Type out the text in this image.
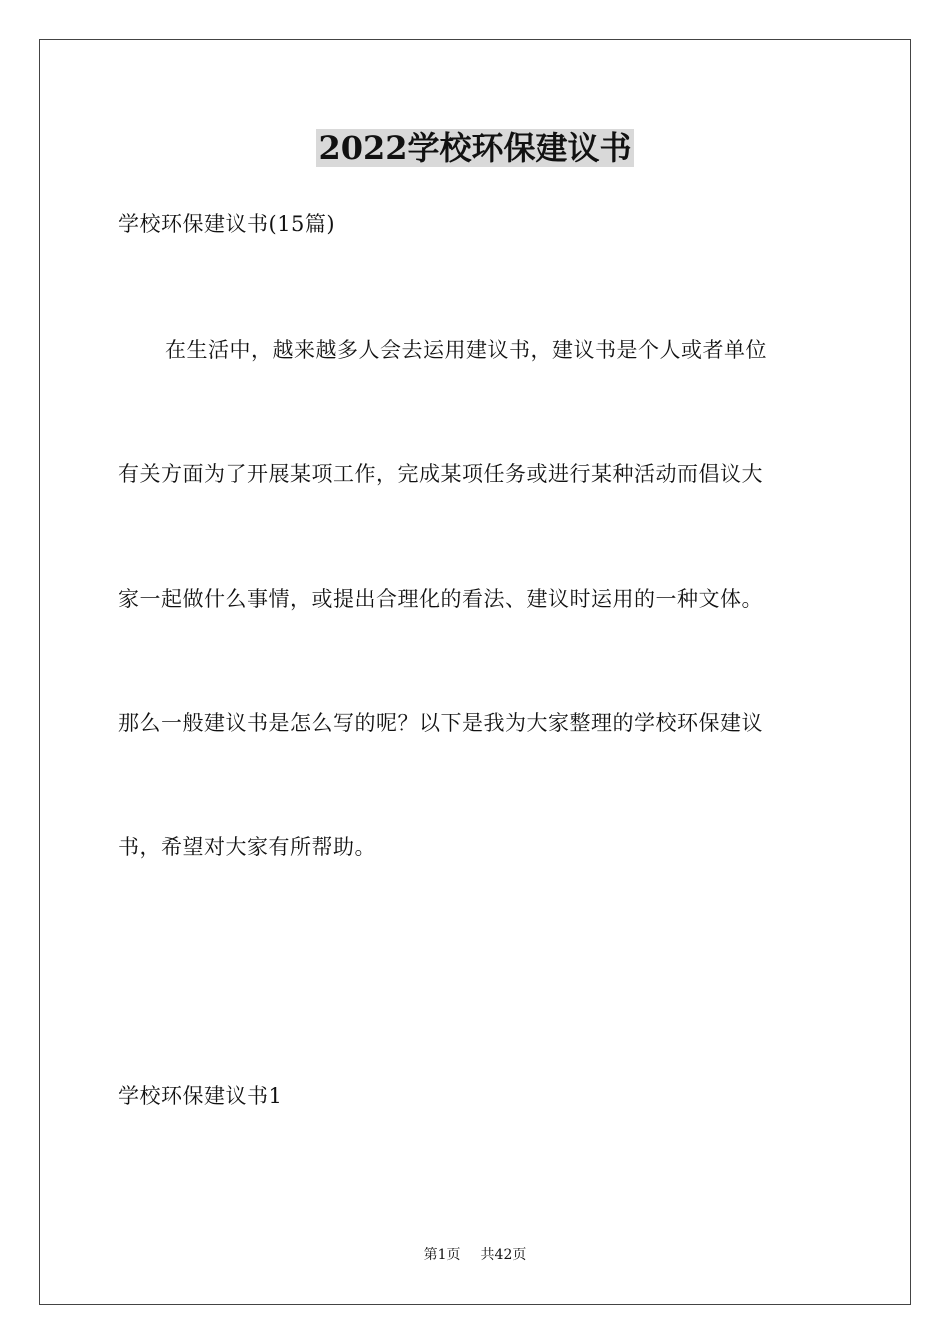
2022学校环保建议书
学校环保建议书(15篇)
在生活中，越来越多人会去运用建议书，建议书是个人或者单位
有关方面为了开展某项工作，完成某项任务或进行某种活动而倡议大
家一起做什么事情，或提出合理化的看法、建议时运用的一种文体。
那么一般建议书是怎么写的呢？以下是我为大家整理的学校环保建议
书，希望对大家有所帮助。
学校环保建议书1
第1页 共42页
